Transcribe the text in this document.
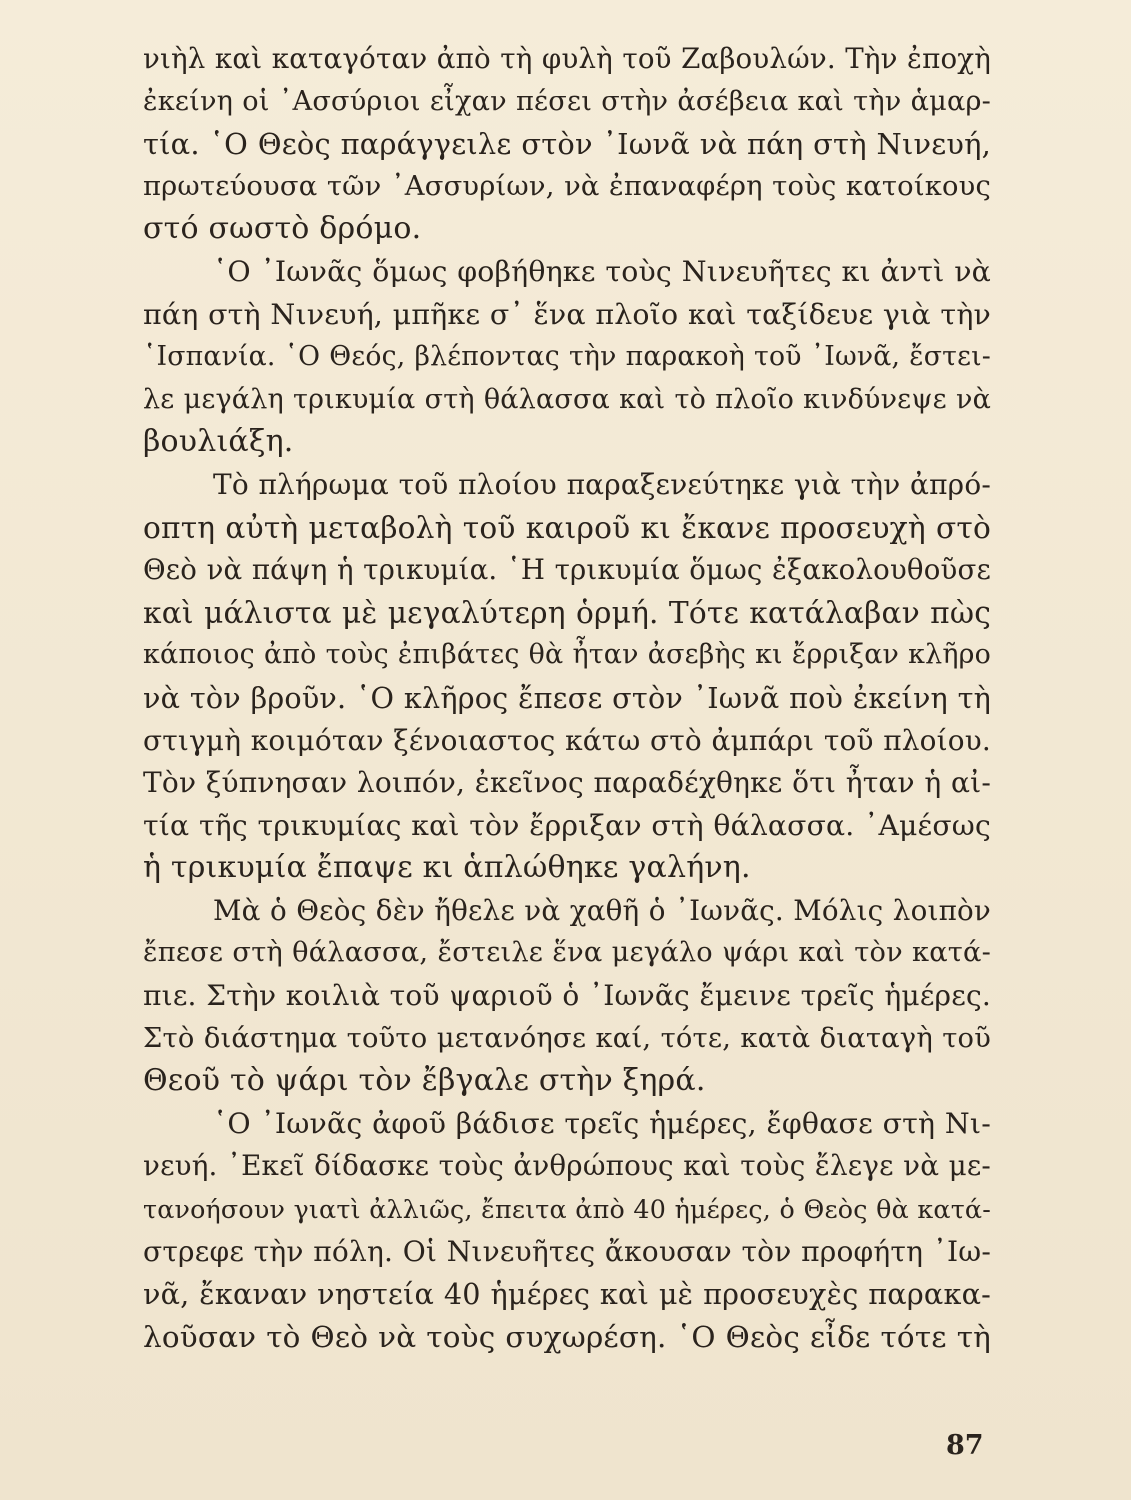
νιὴλ καὶ καταγόταν ἀπὸ τὴ φυλὴ τοῦ Ζαβουλών. Τὴν ἐποχὴ
ἐκείνη οἱ ᾽Ασσύριοι εἶχαν πέσει στὴν ἀσέβεια καὶ τὴν ἁμαρ-
τία. ῾Ο Θεὸς παράγγειλε στὸν ᾽Ιωνᾶ νὰ πάη στὴ Νινευή,
πρωτεύουσα τῶν ᾽Ασσυρίων, νὰ ἐπαναφέρη τοὺς κατοίκους
στό σωστὸ δρόμο.
῾Ο ᾽Ιωνᾶς ὅμως φοβήθηκε τοὺς Νινευῆτες κι ἀντὶ νὰ
πάη στὴ Νινευή, μπῆκε σ᾽ ἕνα πλοῖο καὶ ταξίδευε γιὰ τὴν
῾Ισπανία. ῾Ο Θεός, βλέποντας τὴν παρακοὴ τοῦ ᾽Ιωνᾶ, ἔστει-
λε μεγάλη τρικυμία στὴ θάλασσα καὶ τὸ πλοῖο κινδύνεψε νὰ
βουλιάξη.
Τὸ πλήρωμα τοῦ πλοίου παραξενεύτηκε γιὰ τὴν ἀπρό-
οπτη αὐτὴ μεταβολὴ τοῦ καιροῦ κι ἔκανε προσευχὴ στὸ
Θεὸ νὰ πάψη ἡ τρικυμία. ῾Η τρικυμία ὅμως ἐξακολουθοῦσε
καὶ μάλιστα μὲ μεγαλύτερη ὁρμή. Τότε κατάλαβαν πὼς
κάποιος ἀπὸ τοὺς ἐπιβάτες θὰ ἦταν ἀσεβὴς κι ἔρριξαν κλῆρο
νὰ τὸν βροῦν. ῾Ο κλῆρος ἔπεσε στὸν ᾽Ιωνᾶ ποὺ ἐκείνη τὴ
στιγμὴ κοιμόταν ξένοιαστος κάτω στὸ ἀμπάρι τοῦ πλοίου.
Τὸν ξύπνησαν λοιπόν, ἐκεῖνος παραδέχθηκε ὅτι ἦταν ἡ αἰ-
τία τῆς τρικυμίας καὶ τὸν ἔρριξαν στὴ θάλασσα. ᾽Αμέσως
ἡ τρικυμία ἔπαψε κι ἁπλώθηκε γαλήνη.
Μὰ ὁ Θεὸς δὲν ἤθελε νὰ χαθῆ ὁ ᾽Ιωνᾶς. Μόλις λοιπὸν
ἔπεσε στὴ θάλασσα, ἔστειλε ἕνα μεγάλο ψάρι καὶ τὸν κατά-
πιε. Στὴν κοιλιὰ τοῦ ψαριοῦ ὁ ᾽Ιωνᾶς ἔμεινε τρεῖς ἡμέρες.
Στὸ διάστημα τοῦτο μετανόησε καί, τότε, κατὰ διαταγὴ τοῦ
Θεοῦ τὸ ψάρι τὸν ἔβγαλε στὴν ξηρά.
῾Ο ᾽Ιωνᾶς ἀφοῦ βάδισε τρεῖς ἡμέρες, ἔφθασε στὴ Νι-
νευή. ᾽Εκεῖ δίδασκε τοὺς ἀνθρώπους καὶ τοὺς ἔλεγε νὰ με-
τανοήσουν γιατὶ ἀλλιῶς, ἔπειτα ἀπὸ 40 ἡμέρες, ὁ Θεὸς θὰ κατά-
στρεφε τὴν πόλη. Οἱ Νινευῆτες ἄκουσαν τὸν προφήτη ᾽Ιω-
νᾶ, ἔκαναν νηστεία 40 ἡμέρες καὶ μὲ προσευχὲς παρακα-
λοῦσαν τὸ Θεὸ νὰ τοὺς συχωρέση. ῾Ο Θεὸς εἶδε τότε τὴ
87
